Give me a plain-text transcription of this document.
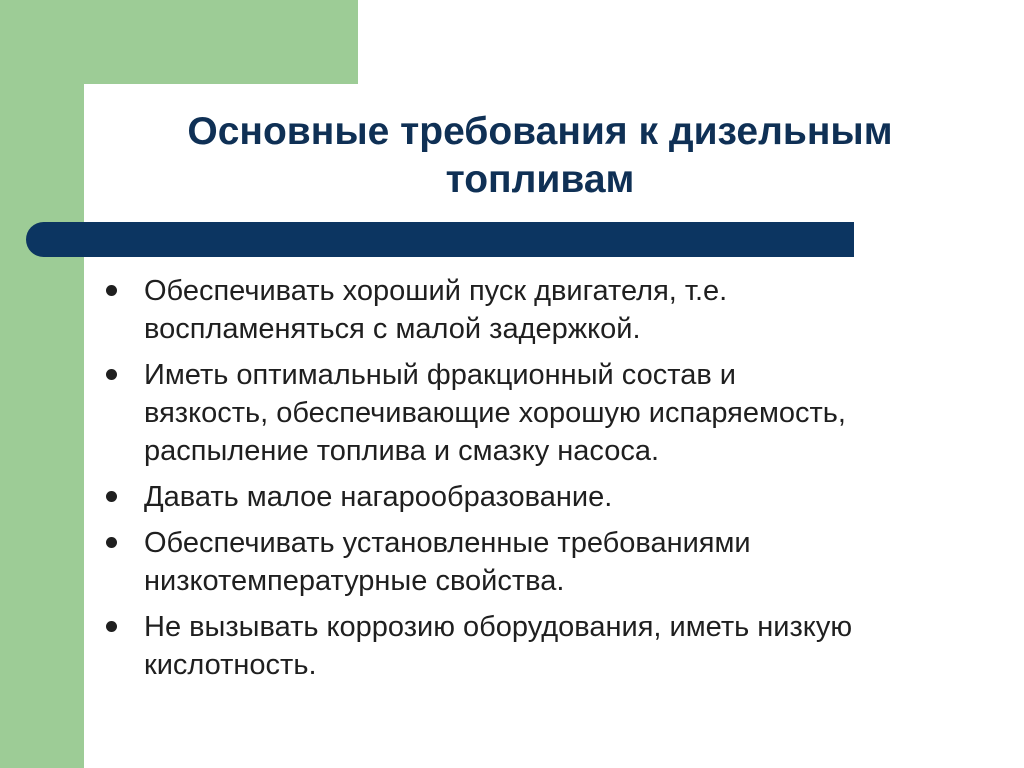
Основные требования к дизельным
топливам
Обеспечивать хороший пуск двигателя, т.е.
воспламеняться с малой задержкой.
Иметь оптимальный фракционный состав и
вязкость, обеспечивающие хорошую испаряемость,
распыление топлива и смазку насоса.
Давать малое нагарообразование.
Обеспечивать установленные требованиями
низкотемпературные свойства.
Не вызывать коррозию оборудования, иметь низкую
кислотность.
